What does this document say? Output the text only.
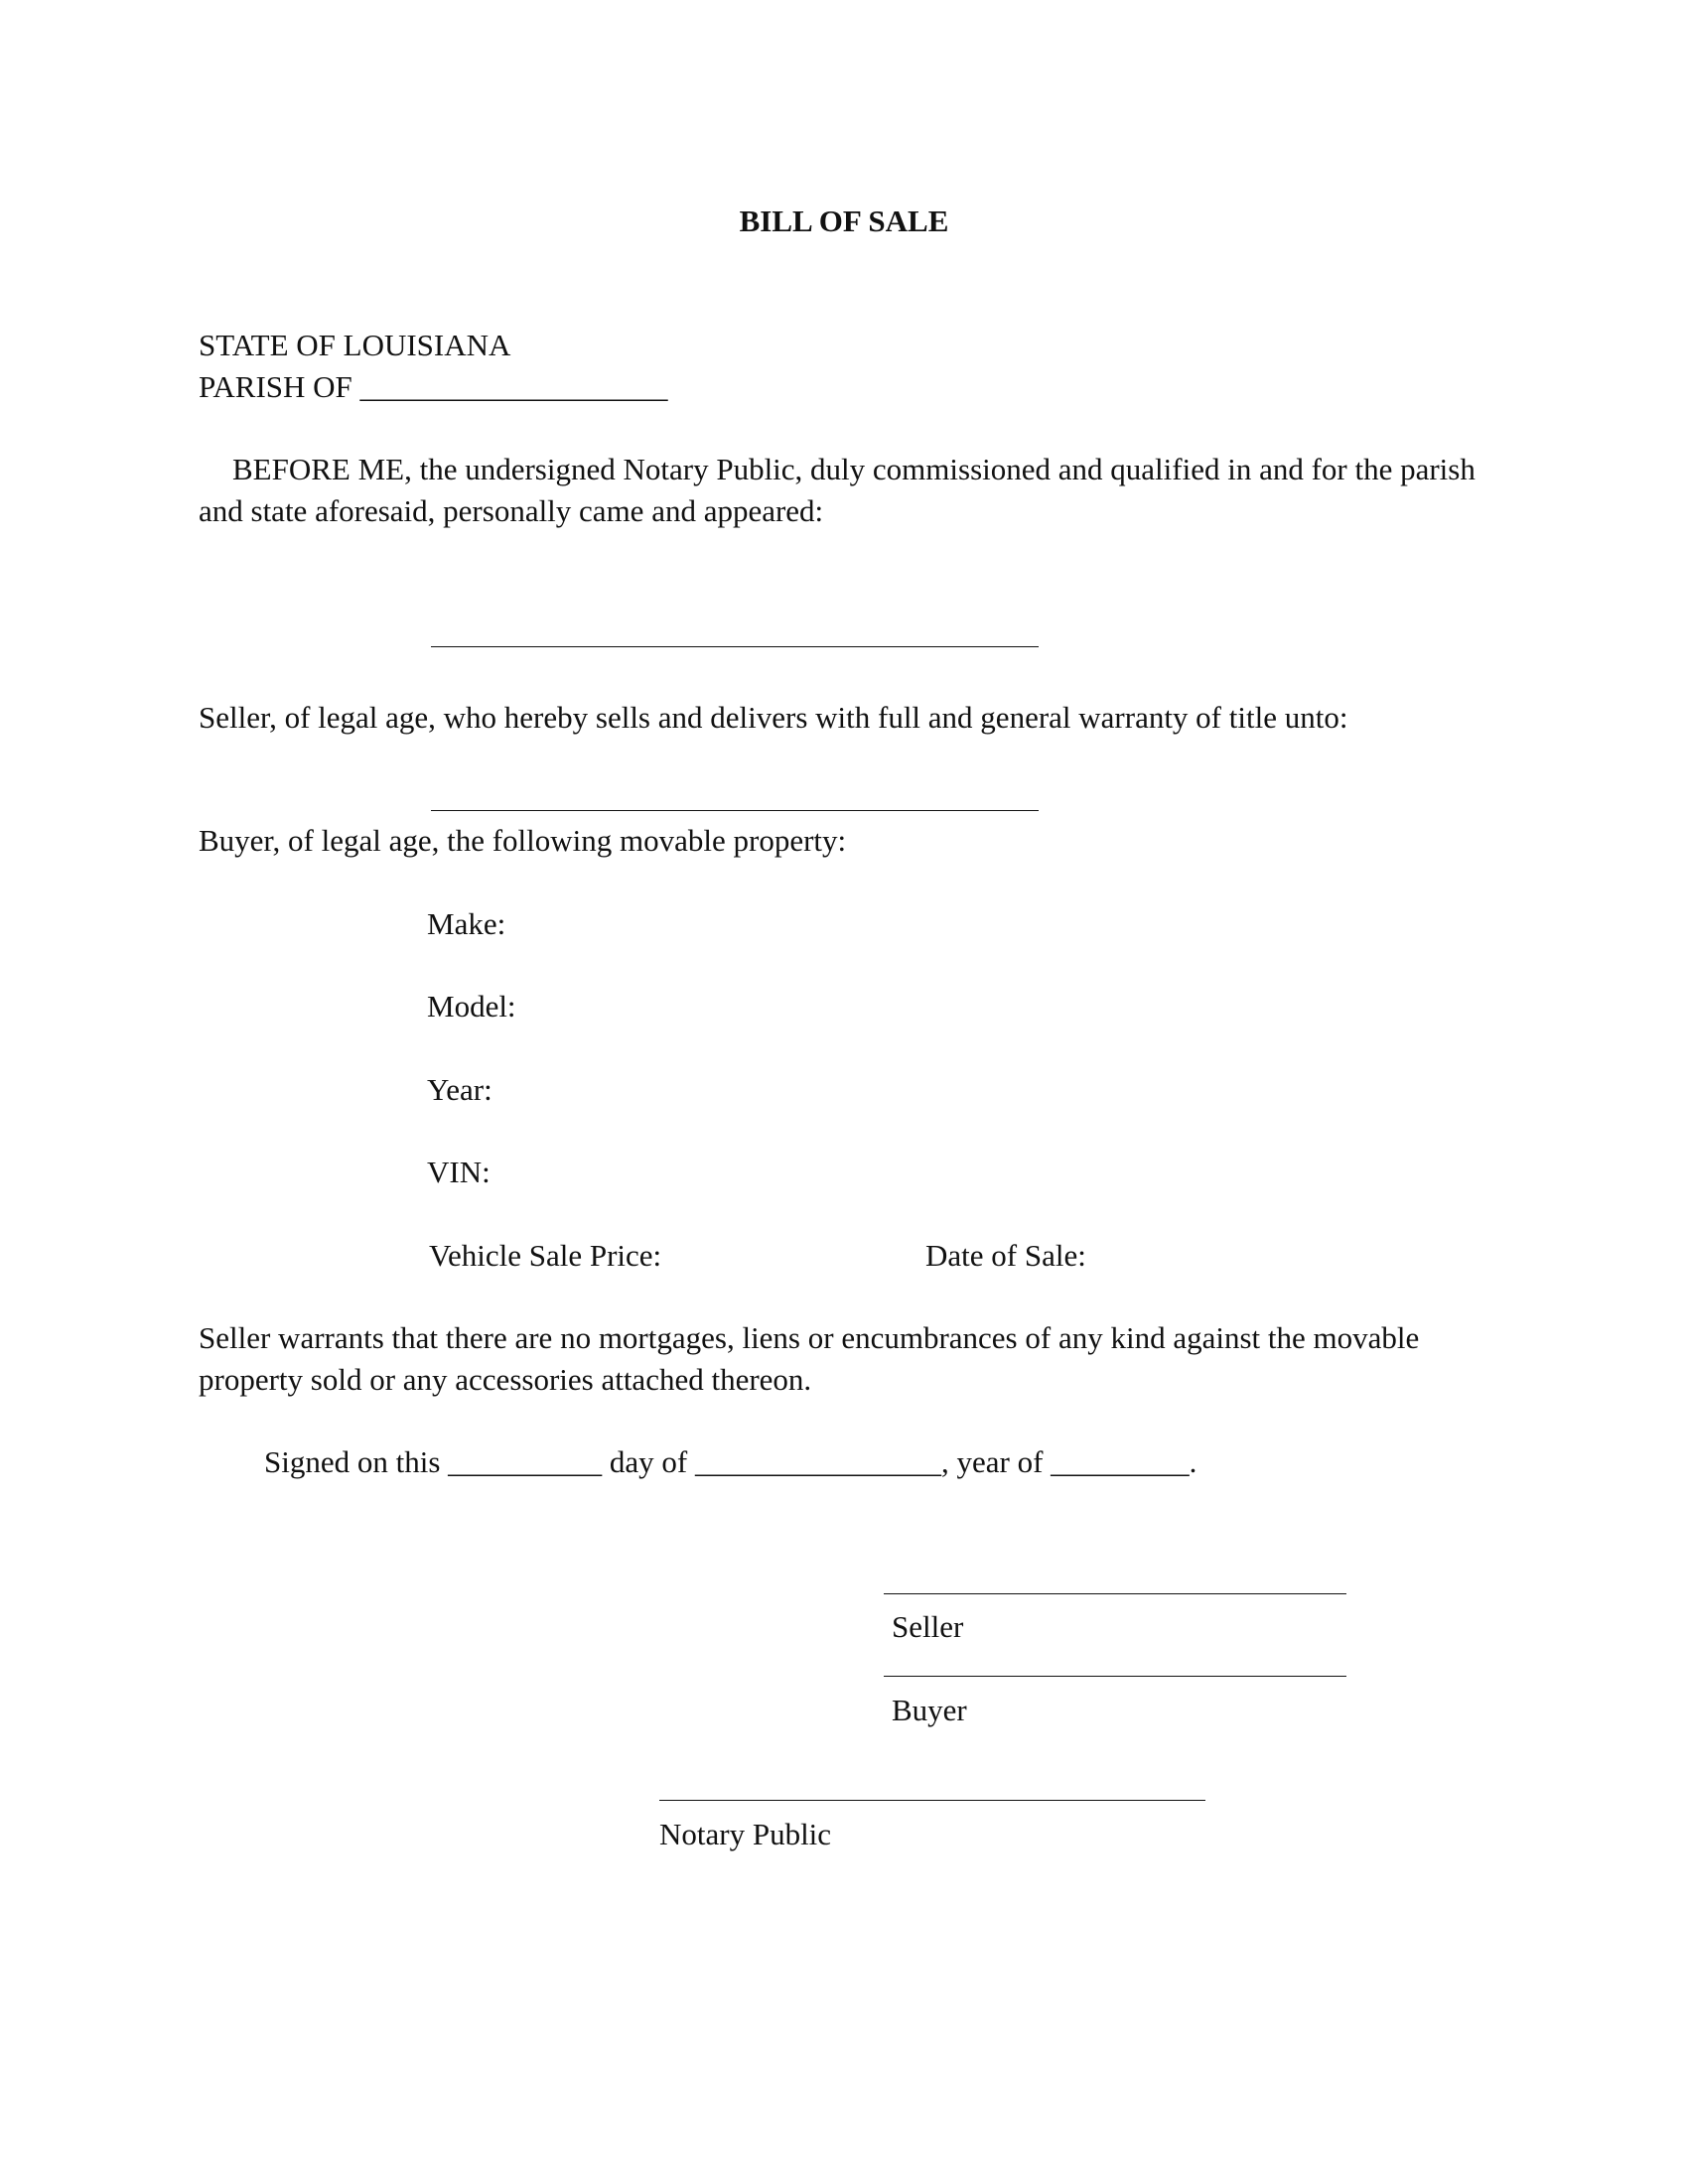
BILL OF SALE
STATE OF LOUISIANA
PARISH OF ____________________
BEFORE ME, the undersigned Notary Public, duly commissioned and qualified in and for the parish and state aforesaid, personally came and appeared:
Seller, of legal age, who hereby sells and delivers with full and general warranty of title unto:
Buyer, of legal age, the following movable property:
Make:
Model:
Year:
VIN:
Vehicle Sale Price:	Date of Sale:
Seller warrants that there are no mortgages, liens or encumbrances of any kind against the movable property sold or any accessories attached thereon.
Signed on this __________ day of ________________, year of _________.
Seller
Buyer
Notary Public
